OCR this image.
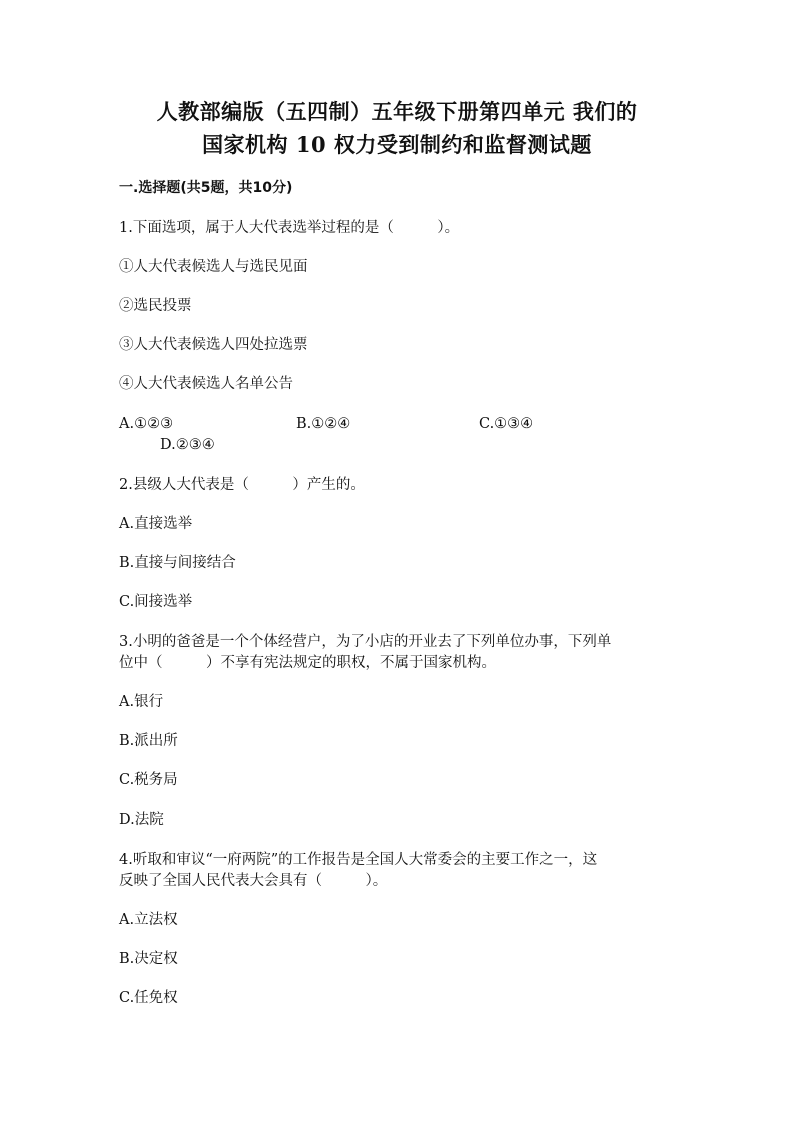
人教部编版（五四制）五年级下册第四单元 我们的
国家机构 10 权力受到制约和监督测试题
一.选择题(共5题，共10分)
1.下面选项，属于人大代表选举过程的是（　　　）。
①人大代表候选人与选民见面
②选民投票
③人大代表候选人四处拉选票
④人大代表候选人名单公告
A.①②③	B.①②④	C.①③④
D.②③④
2.县级人大代表是（　　　）产生的。
A.直接选举
B.直接与间接结合
C.间接选举
3.小明的爸爸是一个个体经营户，为了小店的开业去了下列单位办事，下列单
位中（　　　）不享有宪法规定的职权，不属于国家机构。
A.银行
B.派出所
C.税务局
D.法院
4.听取和审议“一府两院”的工作报告是全国人大常委会的主要工作之一，这
反映了全国人民代表大会具有（　　　）。
A.立法权
B.决定权
C.任免权
